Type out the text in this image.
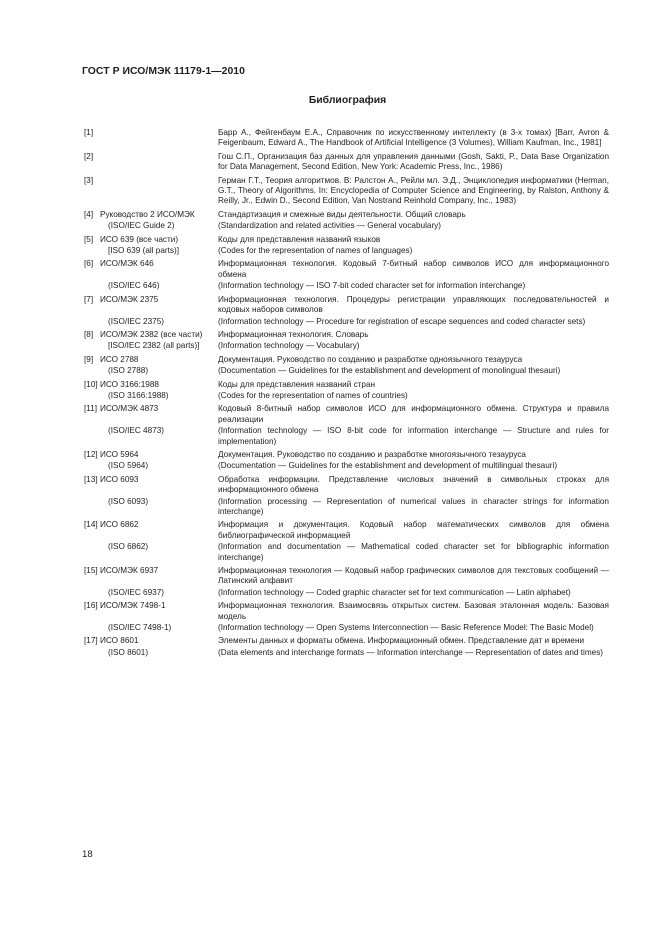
ГОСТ Р ИСО/МЭК 11179-1—2010
Библиография
[1]	Барр А., Фейгенбаум Е.А., Справочник по искусственному интеллекту (в 3-х томах) [Barr, Avron & Feigenbaum, Edward A., The Handbook of Artificial Intelligence (3 Volumes), William Kaufman, Inc., 1981]
[2]	Гош С.П., Организация баз данных для управления данными (Gosh, Sakti, P., Data Base Organization for Data Management, Second Edition, New York: Academic Press, Inc., 1986)
[3]	Герман Г.Т., Теория алгоритмов. В: Ралстон А., Рейли мл. Э.Д., Энциклопедия информатики (Herman, G.T., Theory of Algorithms. In: Encyclopedia of Computer Science and Engineering, by Ralston, Anthony & Reilly, Jr., Edwin D., Second Edition, Van Nostrand Reinhold Company, Inc., 1983)
[4] Руководство 2 ИСО/МЭК	Стандартизация и смежные виды деятельности. Общий словарь
(ISO/IEC Guide 2)	(Standardization and related activities — General vocabulary)
[5] ИСО 639 (все части)	Коды для представления названий языков
[ISO 639 (all parts)]	(Codes for the representation of names of languages)
[6] ИСО/МЭК 646	Информационная технология. Кодовый 7-битный набор символов ИСО для информационного обмена
(ISO/IEC 646)	(Information technology — ISO 7-bit coded character set for information interchange)
[7] ИСО/МЭК 2375	Информационная технология. Процедуры регистрации управляющих последовательностей и кодовых наборов символов
(ISO/IEC 2375)	(Information technology — Procedure for registration of escape sequences and coded character sets)
[8] ИСО/МЭК 2382 (все части)	Информационная технология. Словарь
[ISO/IEC 2382 (all parts)]	(Information technology — Vocabulary)
[9] ИСО 2788	Документация. Руководство по созданию и разработке одноязычного тезауруса
(ISO 2788)	(Documentation — Guidelines for the establishment and development of monolingual thesauri)
[10] ИСО 3166:1988	Коды для представления названий стран
(ISO 3166:1988)	(Codes for the representation of names of countries)
[11] ИСО/МЭК 4873	Кодовый 8-битный набор символов ИСО для информационного обмена. Структура и правила реализации
(ISO/IEC 4873)	(Information technology — ISO 8-bit code for information interchange — Structure and rules for implementation)
[12] ИСО 5964	Документация. Руководство по созданию и разработке многоязычного тезауруса
(ISO 5964)	(Documentation — Guidelines for the establishment and development of multilingual thesauri)
[13] ИСО 6093	Обработка информации. Представление числовых значений в символьных строках для информационного обмена
(ISO 6093)	(Information processing — Representation of numerical values in character strings for information interchange)
[14] ИСО 6862	Информация и документация. Кодовый набор математических символов для обмена библиографической информацией
(ISO 6862)	(Information and documentation — Mathematical coded character set for bibliographic information interchange)
[15] ИСО/МЭК 6937	Информационная технология — Кодовый набор графических символов для текстовых сообщений — Латинский алфавит
(ISO/IEC 6937)	(Information technology — Coded graphic character set for text communication — Latin alphabet)
[16] ИСО/МЭК 7498-1	Информационная технология. Взаимосвязь открытых систем. Базовая эталонная модель: Базовая модель
(ISO/IEC 7498-1)	(Information technology — Open Systems Interconnection — Basic Reference Model: The Basic Model)
[17] ИСО 8601	Элементы данных и форматы обмена. Информационный обмен. Представление дат и времени
(ISO 8601)	(Data elements and interchange formats — Information interchange — Representation of dates and times)
18
